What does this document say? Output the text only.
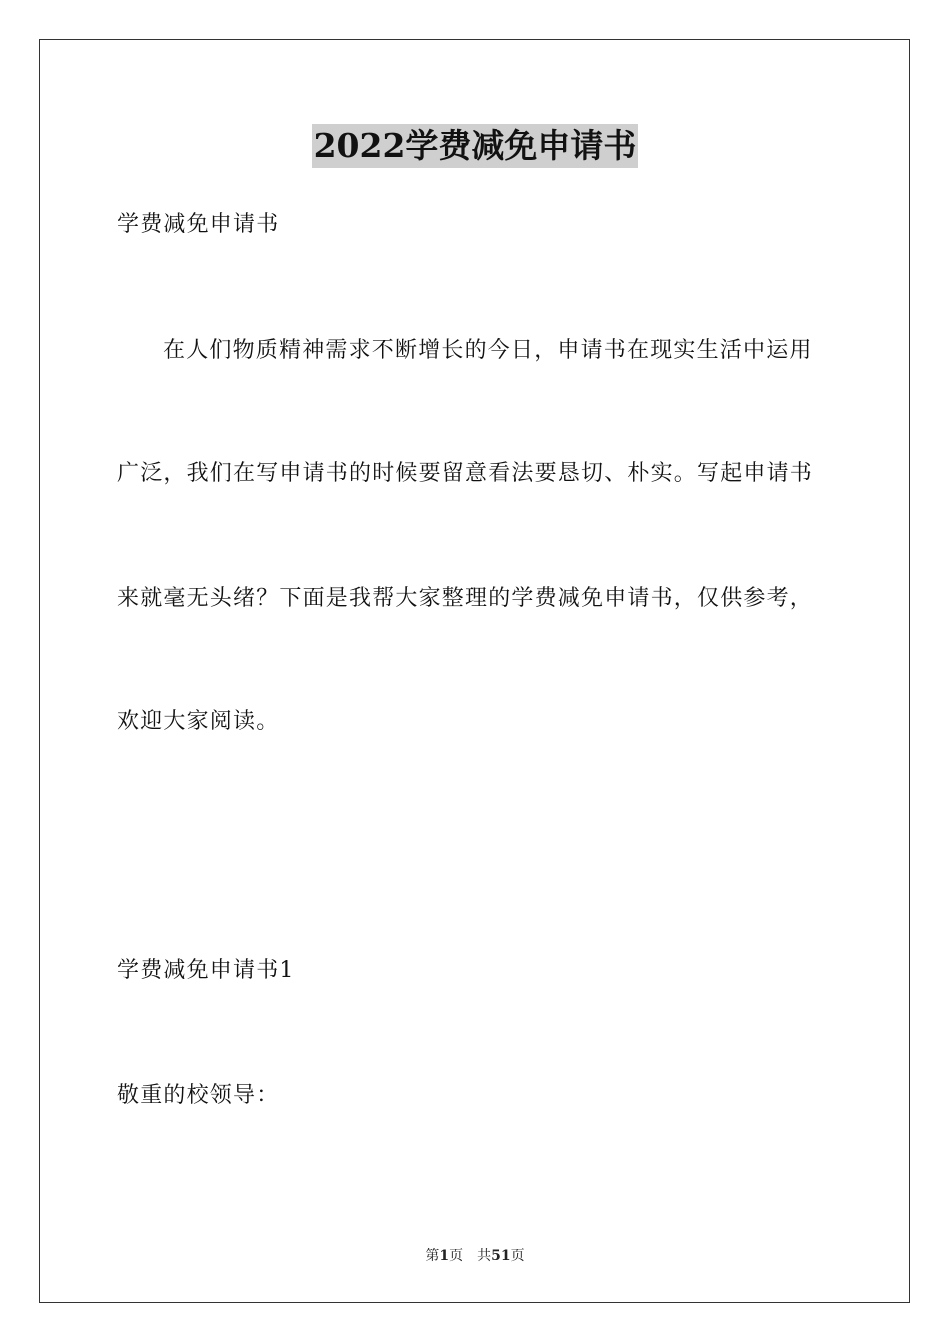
2022学费减免申请书
学费减免申请书
在人们物质精神需求不断增长的今日，申请书在现实生活中运用
广泛，我们在写申请书的时候要留意看法要恳切、朴实。写起申请书
来就毫无头绪？下面是我帮大家整理的学费减免申请书，仅供参考，
欢迎大家阅读。
学费减免申请书1
敬重的校领导：
第1页 共51页
